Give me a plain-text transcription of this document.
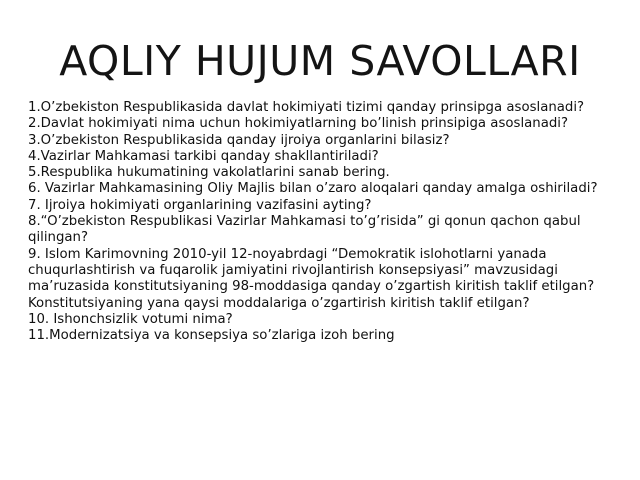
AQLIY HUJUM SAVOLLARI
1.O’zbekiston Respublikasida davlat hokimiyati tizimi qanday prinsipga asoslanadi?
2.Davlat hokimiyati nima uchun hokimiyatlarning bo’linish prinsipiga asoslanadi?
3.O’zbekiston Respublikasida qanday ijroiya organlarini bilasiz?
4.Vazirlar Mahkamasi tarkibi qanday shakllantiriladi?
5.Respublika hukumatining vakolatlarini sanab bering.
6. Vazirlar Mahkamasining Oliy Majlis bilan o’zaro aloqalari qanday amalga oshiriladi?
7. Ijroiya hokimiyati organlarining vazifasini ayting?
8.“O’zbekiston Respublikasi Vazirlar Mahkamasi to’g’risida” gi qonun qachon qabul qilingan?
9. Islom Karimovning 2010-yil 12-noyabrdagi “Demokratik islohotlarni yanada chuqurlashtirish va fuqarolik jamiyatini rivojlantirish konsepsiyasi” mavzusidagi ma’ruzasida konstitutsiyaning 98-moddasiga qanday o’zgartish kiritish taklif etilgan?Konstitutsiyaning yana qaysi moddalariga o’zgartirish kiritish taklif etilgan?
10. Ishonchsizlik votumi nima?
11.Modernizatsiya va konsepsiya so’zlariga izoh bering
